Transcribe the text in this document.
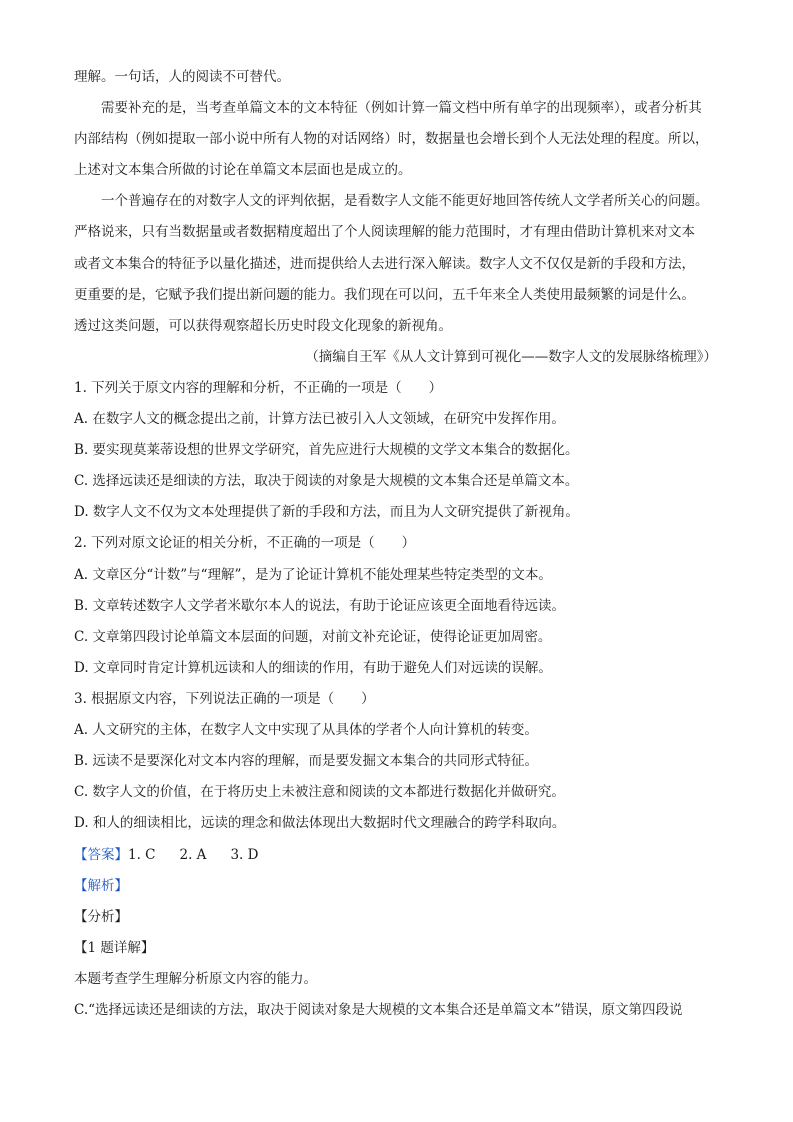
理解。一句话，人的阅读不可替代。
需要补充的是，当考查单篇文本的文本特征（例如计算一篇文档中所有单字的出现频率），或者分析其
内部结构（例如提取一部小说中所有人物的对话网络）时，数据量也会增长到个人无法处理的程度。所以，
上述对文本集合所做的讨论在单篇文本层面也是成立的。
一个普遍存在的对数字人文的评判依据，是看数字人文能不能更好地回答传统人文学者所关心的问题。
严格说来，只有当数据量或者数据精度超出了个人阅读理解的能力范围时，才有理由借助计算机来对文本
或者文本集合的特征予以量化描述，进而提供给人去进行深入解读。数字人文不仅仅是新的手段和方法，
更重要的是，它赋予我们提出新问题的能力。我们现在可以问，五千年来全人类使用最频繁的词是什么。
透过这类问题，可以获得观察超长历史时段文化现象的新视角。
（摘编自王军《从人文计算到可视化——数字人文的发展脉络梳理》）
1. 下列关于原文内容的理解和分析，不正确的一项是（　　）
A. 在数字人文的概念提出之前，计算方法已被引入人文领域，在研究中发挥作用。
B. 要实现莫莱蒂设想的世界文学研究，首先应进行大规模的文学文本集合的数据化。
C. 选择远读还是细读的方法，取决于阅读的对象是大规模的文本集合还是单篇文本。
D. 数字人文不仅为文本处理提供了新的手段和方法，而且为人文研究提供了新视角。
2. 下列对原文论证的相关分析，不正确的一项是（　　）
A. 文章区分“计数”与“理解”，是为了论证计算机不能处理某些特定类型的文本。
B. 文章转述数字人文学者米歇尔本人的说法，有助于论证应该更全面地看待远读。
C. 文章第四段讨论单篇文本层面的问题，对前文补充论证，使得论证更加周密。
D. 文章同时肯定计算机远读和人的细读的作用，有助于避免人们对远读的误解。
3. 根据原文内容，下列说法正确的一项是（　　）
A. 人文研究的主体，在数字人文中实现了从具体的学者个人向计算机的转变。
B. 远读不是要深化对文本内容的理解，而是要发掘文本集合的共同形式特征。
C. 数字人文的价值，在于将历史上未被注意和阅读的文本都进行数据化并做研究。
D. 和人的细读相比，远读的理念和做法体现出大数据时代文理融合的跨学科取向。
【答案】1. C 2. A 3. D
【解析】
【分析】
【1 题详解】
本题考查学生理解分析原文内容的能力。
C.“选择远读还是细读的方法，取决于阅读对象是大规模的文本集合还是单篇文本”错误，原文第四段说
